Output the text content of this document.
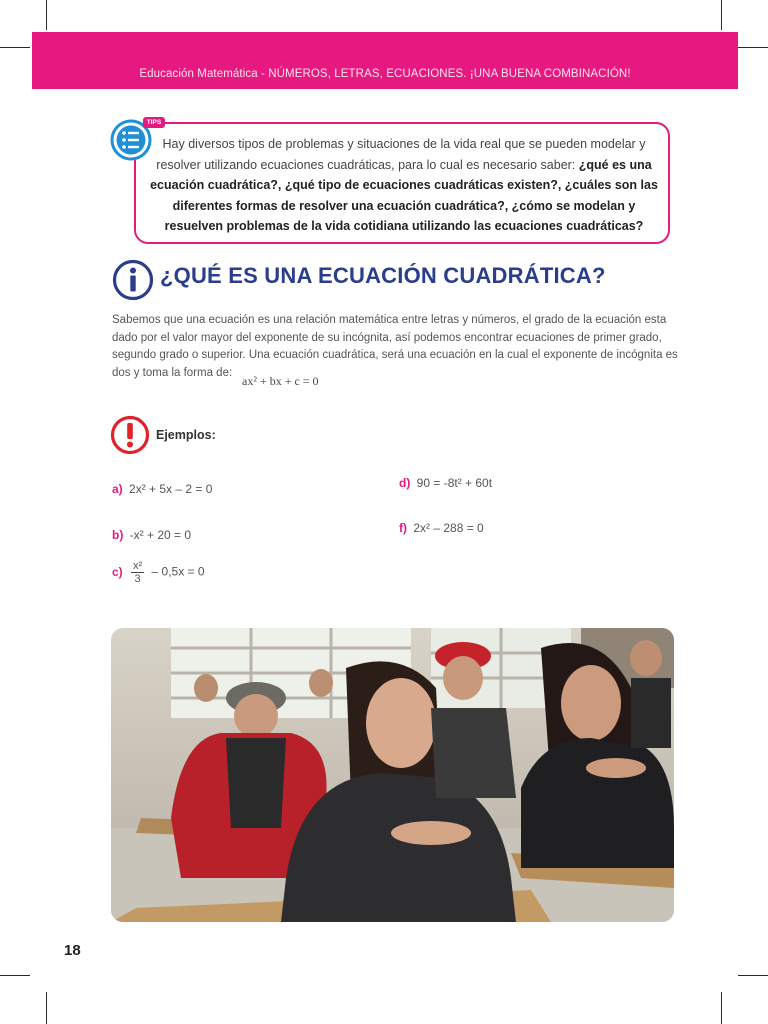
Educación Matemática - NÚMEROS, LETRAS, ECUACIONES. ¡UNA BUENA COMBINACIÓN!
Hay diversos tipos de problemas y situaciones de la vida real que se pueden modelar y resolver utilizando ecuaciones cuadráticas, para lo cual es necesario saber: ¿qué es una ecuación cuadrática?, ¿qué tipo de ecuaciones cuadráticas existen?, ¿cuáles son las diferentes formas de resolver una ecuación cuadrática?, ¿cómo se modelan y resuelven problemas de la vida cotidiana utilizando las ecuaciones cuadráticas?
TIPS
¿QUÉ ES UNA ECUACIÓN CUADRÁTICA?
Sabemos que una ecuación es una relación matemática entre letras y números, el grado de la ecuación esta dado por el valor mayor del exponente de su incógnita, así podemos encontrar ecuaciones de primer grado, segundo grado o superior. Una ecuación cuadrática, será una ecuación en la cual el exponente de incógnita es dos y toma la forma de:
ax² + bx + c = 0
Ejemplos:
a) 2x² + 5x – 2 = 0
b) -x² + 20 = 0
$c) \frac{\text{x²}}{3} - 0,5x = 0$
d) 90 = -8t² + 60t
f) 2x² – 288 = 0
18
